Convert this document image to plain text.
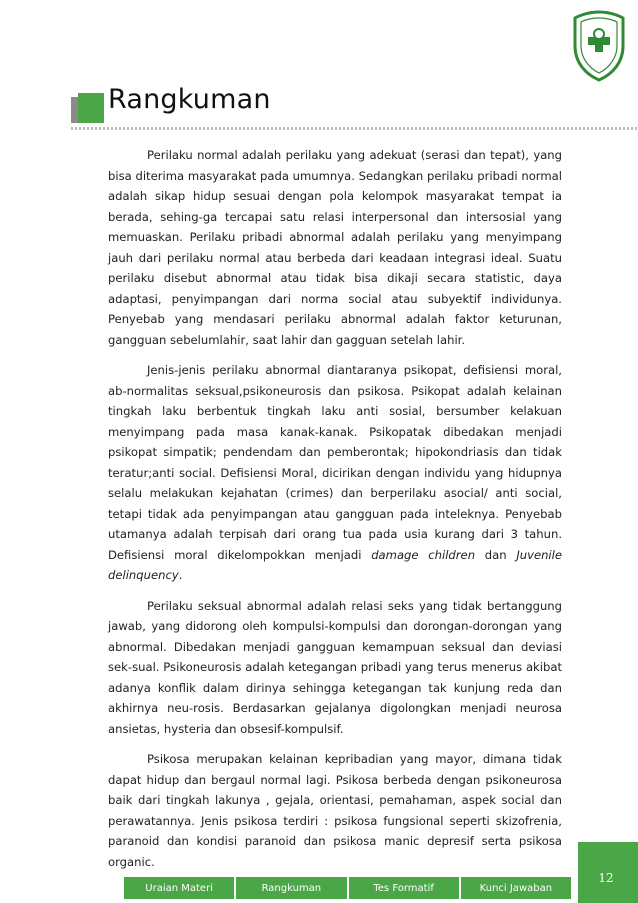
Rangkuman

Perilaku normal adalah perilaku yang adekuat (serasi dan tepat), yang bisa diterima masyarakat pada umumnya. Sedangkan perilaku pribadi normal adalah sikap hidup sesuai dengan pola kelompok masyarakat tempat ia berada, sehing-ga tercapai satu relasi interpersonal dan intersosial yang memuaskan. Perilaku pribadi abnormal adalah perilaku yang menyimpang jauh dari perilaku normal atau berbeda dari keadaan integrasi ideal. Suatu perilaku disebut abnormal atau tidak bisa dikaji secara statistic, daya adaptasi, penyimpangan dari norma social atau subyektif individunya. Penyebab yang mendasari perilaku abnormal adalah faktor keturunan, gangguan sebelumlahir, saat lahir dan gagguan setelah lahir.

Jenis-jenis perilaku abnormal diantaranya psikopat, defisiensi moral, ab-normalitas seksual,psikoneurosis dan psikosa. Psikopat adalah kelainan tingkah laku berbentuk tingkah laku anti sosial, bersumber kelakuan menyimpang pada masa kanak-kanak. Psikopatak dibedakan menjadi psikopat simpatik; pendendam dan pemberontak; hipokondriasis dan tidak teratur;anti social. Defisiensi Moral, dicirikan dengan individu yang hidupnya selalu melakukan kejahatan (crimes) dan berperilaku asocial/ anti social, tetapi tidak ada penyimpangan atau gangguan pada inteleknya. Penyebab utamanya adalah terpisah dari orang tua pada usia kurang dari 3 tahun. Defisiensi moral dikelompokkan menjadi damage children dan Juvenile delinquency.

Perilaku seksual abnormal adalah relasi seks yang tidak bertanggung jawab, yang didorong oleh kompulsi-kompulsi dan dorongan-dorongan yang abnormal. Dibedakan menjadi gangguan kemampuan seksual dan deviasi sek-sual. Psikoneurosis adalah ketegangan pribadi yang terus menerus akibat adanya konflik dalam dirinya sehingga ketegangan tak kunjung reda dan akhirnya neu-rosis. Berdasarkan gejalanya digolongkan menjadi neurosa ansietas, hysteria dan obsesif-kompulsif.

Psikosa merupakan kelainan kepribadian yang mayor, dimana tidak dapat hidup dan bergaul normal lagi. Psikosa berbeda dengan psikoneurosa baik dari tingkah lakunya , gejala, orientasi, pemahaman, aspek social dan perawatannya. Jenis psikosa terdiri : psikosa fungsional seperti skizofrenia, paranoid dan kondisi paranoid dan psikosa manic depresif serta psikosa organic.

12
Uraian Materi	Rangkuman	Tes Formatif	Kunci Jawaban
